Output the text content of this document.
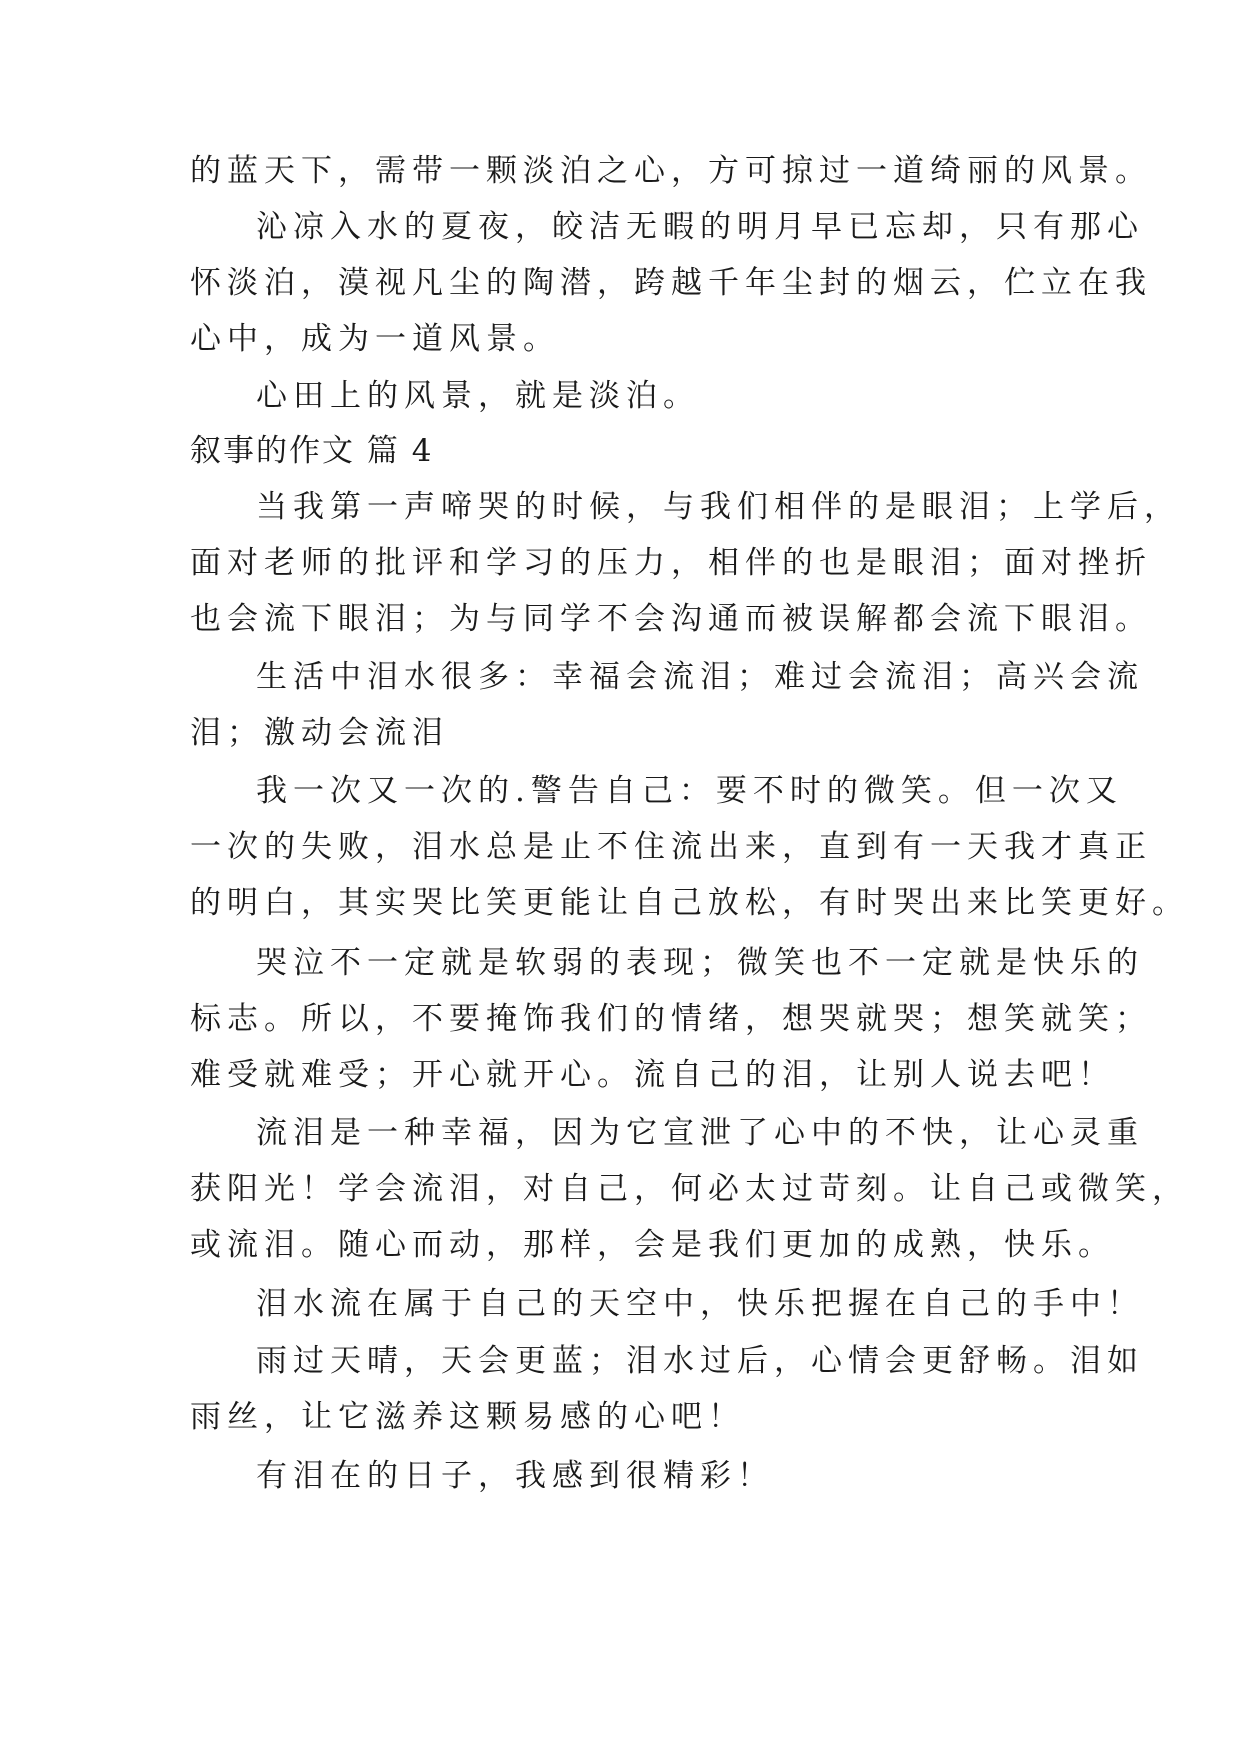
的蓝天下，需带一颗淡泊之心，方可掠过一道绮丽的风景。
沁凉入水的夏夜，皎洁无暇的明月早已忘却，只有那心
怀淡泊，漠视凡尘的陶潜，跨越千年尘封的烟云，伫立在我
心中，成为一道风景。
心田上的风景，就是淡泊。
叙事的作文 篇 4
当我第一声啼哭的时候，与我们相伴的是眼泪；上学后，
面对老师的批评和学习的压力，相伴的也是眼泪；面对挫折
也会流下眼泪；为与同学不会沟通而被误解都会流下眼泪。
生活中泪水很多：幸福会流泪；难过会流泪；高兴会流
泪；激动会流泪
我一次又一次的.警告自己：要不时的微笑。但一次又
一次的失败，泪水总是止不住流出来，直到有一天我才真正
的明白，其实哭比笑更能让自己放松，有时哭出来比笑更好。
哭泣不一定就是软弱的表现；微笑也不一定就是快乐的
标志。所以，不要掩饰我们的情绪，想哭就哭；想笑就笑；
难受就难受；开心就开心。流自己的泪，让别人说去吧！
流泪是一种幸福，因为它宣泄了心中的不快，让心灵重
获阳光！学会流泪，对自己，何必太过苛刻。让自己或微笑，
或流泪。随心而动，那样，会是我们更加的成熟，快乐。
泪水流在属于自己的天空中，快乐把握在自己的手中！
雨过天晴，天会更蓝；泪水过后，心情会更舒畅。泪如
雨丝，让它滋养这颗易感的心吧！
有泪在的日子，我感到很精彩！
